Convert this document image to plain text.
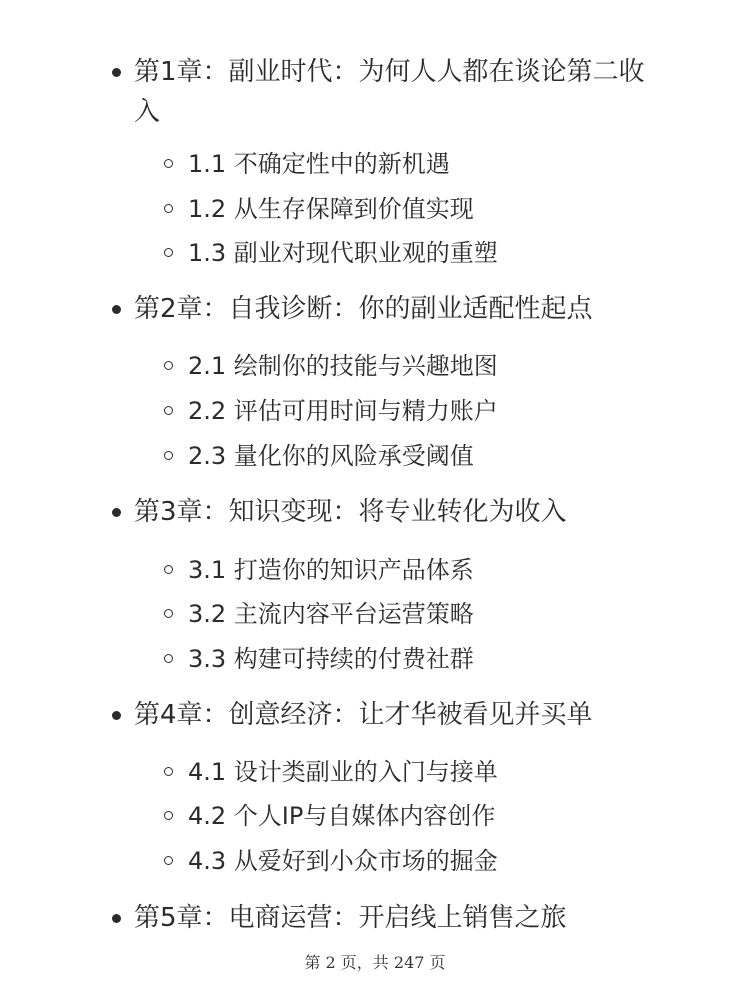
第1章：副业时代：为何人人都在谈论第二收入
1.1 不确定性中的新机遇
1.2 从生存保障到价值实现
1.3 副业对现代职业观的重塑
第2章：自我诊断：你的副业适配性起点
2.1 绘制你的技能与兴趣地图
2.2 评估可用时间与精力账户
2.3 量化你的风险承受阈值
第3章：知识变现：将专业转化为收入
3.1 打造你的知识产品体系
3.2 主流内容平台运营策略
3.3 构建可持续的付费社群
第4章：创意经济：让才华被看见并买单
4.1 设计类副业的入门与接单
4.2 个人IP与自媒体内容创作
4.3 从爱好到小众市场的掘金
第5章：电商运营：开启线上销售之旅
第 2 页，共 247 页
